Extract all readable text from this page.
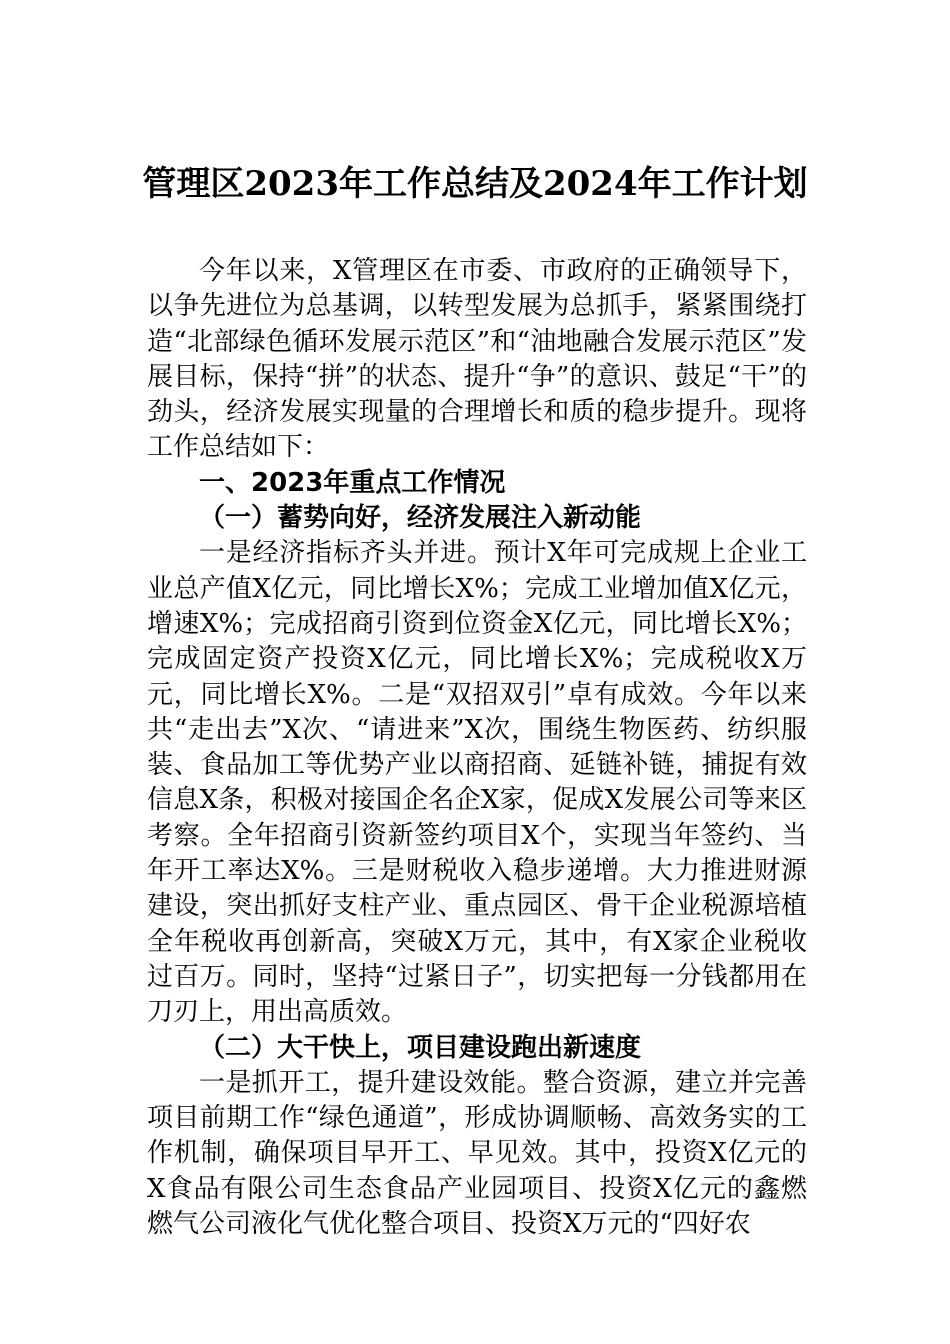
管理区2023年工作总结及2024年工作计划

今年以来，X管理区在市委、市政府的正确领导下，以争先进位为总基调，以转型发展为总抓手，紧紧围绕打造“北部绿色循环发展示范区”和“油地融合发展示范区”发展目标，保持“拼”的状态、提升“争”的意识、鼓足“干”的劲头，经济发展实现量的合理增长和质的稳步提升。现将工作总结如下：

一、2023年重点工作情况

（一）蓄势向好，经济发展注入新动能

一是经济指标齐头并进。预计X年可完成规上企业工业总产值X亿元，同比增长X%；完成工业增加值X亿元，增速X%；完成招商引资到位资金X亿元，同比增长X%；完成固定资产投资X亿元，同比增长X%；完成税收X万元，同比增长X%。二是“双招双引”卓有成效。今年以来共“走出去”X次、“请进来”X次，围绕生物医药、纺织服装、食品加工等优势产业以商招商、延链补链，捕捉有效信息X条，积极对接国企名企X家，促成X发展公司等来区考察。全年招商引资新签约项目X个，实现当年签约、当年开工率达X%。三是财税收入稳步递增。大力推进财源建设，突出抓好支柱产业、重点园区、骨干企业税源培植全年税收再创新高，突破X万元，其中，有X家企业税收过百万。同时，坚持“过紧日子”，切实把每一分钱都用在刀刃上，用出高质效。

（二）大干快上，项目建设跑出新速度

一是抓开工，提升建设效能。整合资源，建立并完善项目前期工作“绿色通道”，形成协调顺畅、高效务实的工作机制，确保项目早开工、早见效。其中，投资X亿元的X食品有限公司生态食品产业园项目、投资X亿元的鑫燃燃气公司液化气优化整合项目、投资X万元的“四好农
